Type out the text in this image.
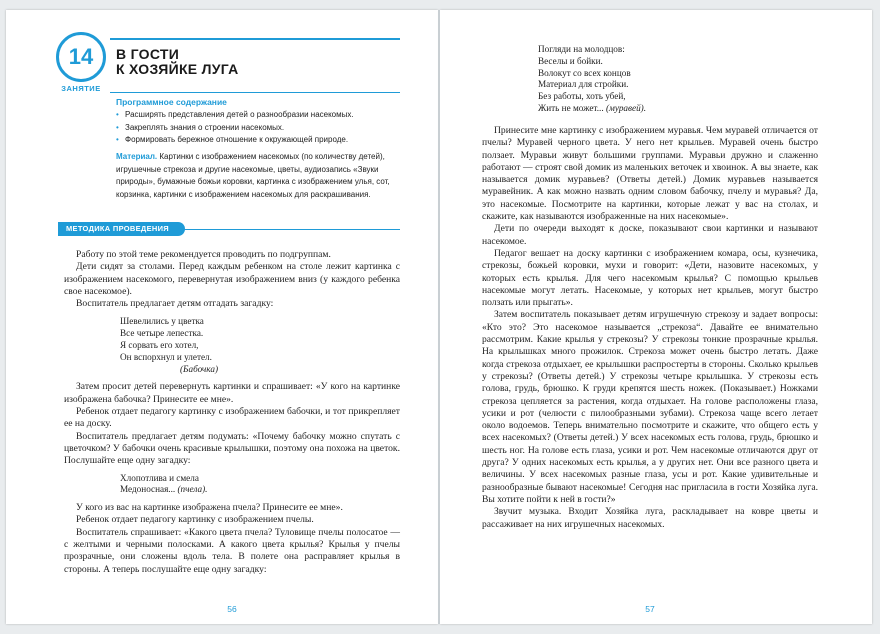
14
ЗАНЯТИЕ
В ГОСТИ
К ХОЗЯЙКЕ ЛУГА
Программное содержание
• Расширять представления детей о разнообразии насекомых.
• Закреплять знания о строении насекомых.
• Формировать бережное отношение к окружающей природе.
Материал. Картинки с изображением насекомых (по количеству детей), игрушечные стрекоза и другие насекомые, цветы, аудиозапись «Звуки природы», бумажные божьи коровки, картинка с изображением улья, сот, корзинка, картинки с изображением насекомых для раскрашивания.
МЕТОДИКА ПРОВЕДЕНИЯ

Работу по этой теме рекомендуется проводить по подгруппам.

Дети сидят за столами. Перед каждым ребенком на столе лежит картинка с изображением насекомого, перевернутая изображением вниз (у каждого ребенка свое насекомое).

Воспитатель предлагает детям отгадать загадку:

Шевелились у цветка
Все четыре лепестка.
Я сорвать его хотел,
Он вспорхнул и улетел.
(Бабочка)

Затем просит детей перевернуть картинки и спрашивает: «У кого на картинке изображена бабочка? Принесите ее мне».

Ребенок отдает педагогу картинку с изображением бабочки, и тот прикрепляет ее на доску.

Воспитатель предлагает детям подумать: «Почему бабочку можно спутать с цветочком? У бабочки очень красивые крылышки, поэтому она похожа на цветок. Послушайте еще одну загадку:

Хлопотлива и смела
Медоносная... (пчела).

У кого из вас на картинке изображена пчела? Принесите ее мне».

Ребенок отдает педагогу картинку с изображением пчелы.

Воспитатель спрашивает: «Какого цвета пчела? Туловище пчелы полосатое — с желтыми и черными полосками. А какого цвета крылья? Крылья у пчелы прозрачные, они сложены вдоль тела. В полете она расправляет крылья в стороны. А теперь послушайте еще одну загадку:

Погляди на молодцов:
Веселы и бойки.
Волокут со всех концов
Материал для стройки.
Без работы, хоть убей,
Жить не может... (муравей).

Принесите мне картинку с изображением муравья. Чем муравей отличается от пчелы? Муравей черного цвета. У него нет крыльев. Муравей очень быстро ползает. Муравьи живут большими группами. Муравьи дружно и слаженно работают — строят свой домик из маленьких веточек и хвоинок. А вы знаете, как называется домик муравьев? (Ответы детей.) Домик муравьев называется муравейник. А как можно назвать одним словом бабочку, пчелу и муравья? Да, это насекомые. Посмотрите на картинки, которые лежат у вас на столах, и скажите, как называются изображенные на них насекомые».

Дети по очереди выходят к доске, показывают свои картинки и называют насекомое.

Педагог вешает на доску картинки с изображением комара, осы, кузнечика, стрекозы, божьей коровки, мухи и говорит: «Дети, назовите насекомых, у которых есть крылья. Для чего насекомым крылья? С помощью крыльев насекомые могут летать. Насекомые, у которых нет крыльев, могут быстро ползать или прыгать».

Затем воспитатель показывает детям игрушечную стрекозу и задает вопросы: «Кто это? Это насекомое называется „стрекоза“. Давайте ее внимательно рассмотрим. Какие крылья у стрекозы? У стрекозы тонкие прозрачные крылья. На крылышках много прожилок. Стрекоза может очень быстро летать. Даже когда стрекоза отдыхает, ее крылышки распростерты в стороны. Сколько крыльев у стрекозы? (Ответы детей.) У стрекозы четыре крылышка. У стрекозы есть голова, грудь, брюшко. К груди крепятся шесть ножек. (Показывает.) Ножками стрекоза цепляется за растения, когда отдыхает. На голове расположены глаза, усики и рот (челюсти с пилообразными зубами). Стрекоза чаще всего летает около водоемов. Теперь внимательно посмотрите и скажите, что общего есть у всех насекомых? (Ответы детей.) У всех насекомых есть голова, грудь, брюшко и шесть ног. На голове есть глаза, усики и рот. Чем насекомые отличаются друг от друга? У одних насекомых есть крылья, а у других нет. Они все разного цвета и величины. У всех насекомых разные глаза, усы и рот. Какие удивительные и разнообразные бывают насекомые! Сегодня нас пригласила в гости Хозяйка луга. Вы хотите пойти к ней в гости?»

Звучит музыка. Входит Хозяйка луга, раскладывает на ковре цветы и рассаживает на них игрушечных насекомых.

56	57
